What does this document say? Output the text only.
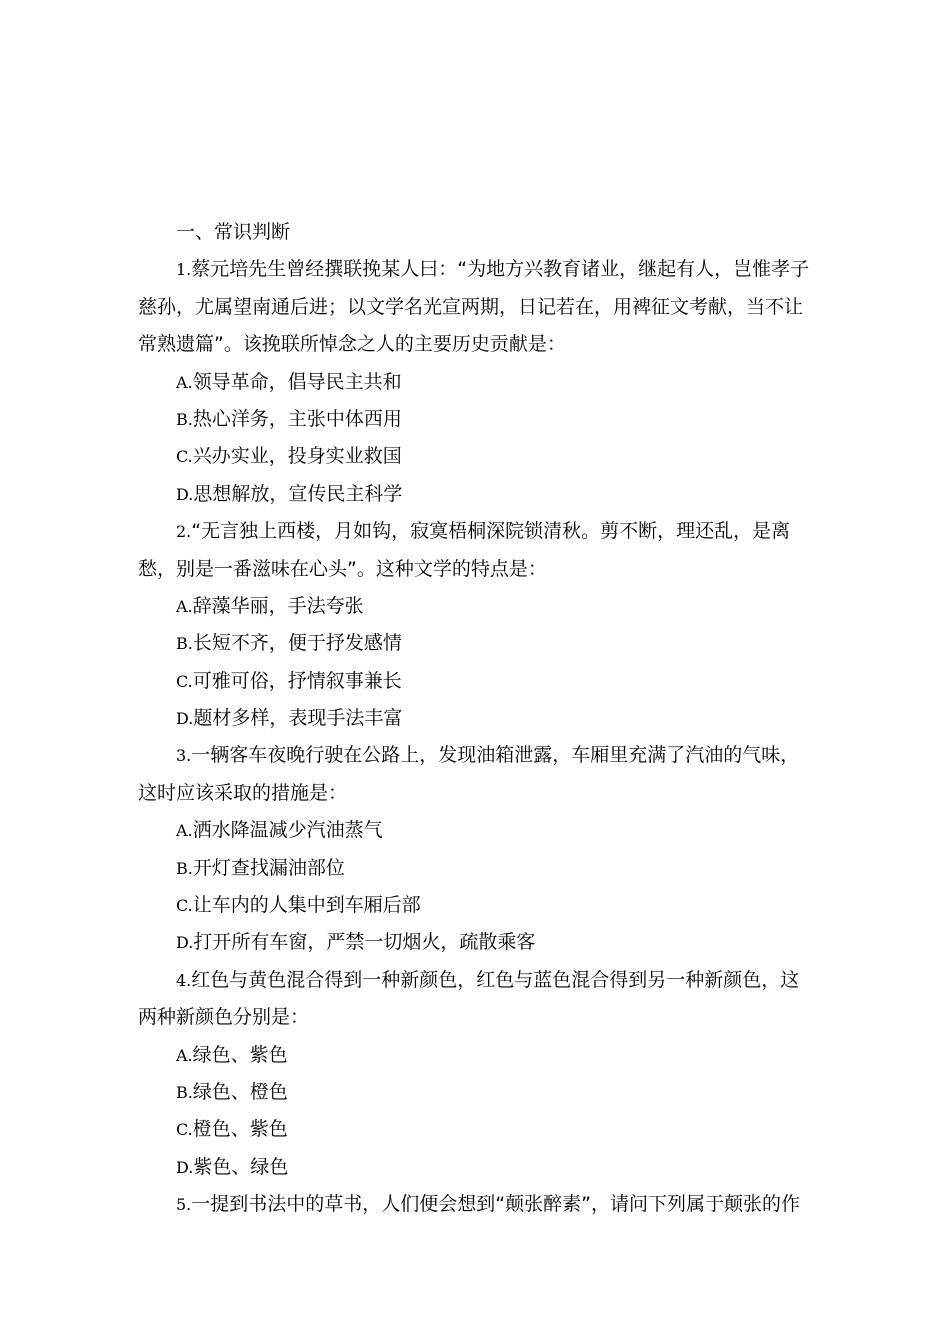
一、常识判断
1.蔡元培先生曾经撰联挽某人曰：“为地方兴教育诸业，继起有人，岂惟孝子
慈孙，尤属望南通后进；以文学名光宣两期，日记若在，用裨征文考献，当不让
常熟遗篇”。该挽联所悼念之人的主要历史贡献是：
A.领导革命，倡导民主共和
B.热心洋务，主张中体西用
C.兴办实业，投身实业救国
D.思想解放，宣传民主科学
2.“无言独上西楼，月如钩，寂寞梧桐深院锁清秋。剪不断，理还乱，是离
愁，别是一番滋味在心头”。这种文学的特点是：
A.辞藻华丽，手法夸张
B.长短不齐，便于抒发感情
C.可雅可俗，抒情叙事兼长
D.题材多样，表现手法丰富
3.一辆客车夜晚行驶在公路上，发现油箱泄露，车厢里充满了汽油的气味，
这时应该采取的措施是：
A.洒水降温减少汽油蒸气
B.开灯查找漏油部位
C.让车内的人集中到车厢后部
D.打开所有车窗，严禁一切烟火，疏散乘客
4.红色与黄色混合得到一种新颜色，红色与蓝色混合得到另一种新颜色，这
两种新颜色分别是：
A.绿色、紫色
B.绿色、橙色
C.橙色、紫色
D.紫色、绿色
5.一提到书法中的草书，人们便会想到“颠张醉素”，请问下列属于颠张的作
